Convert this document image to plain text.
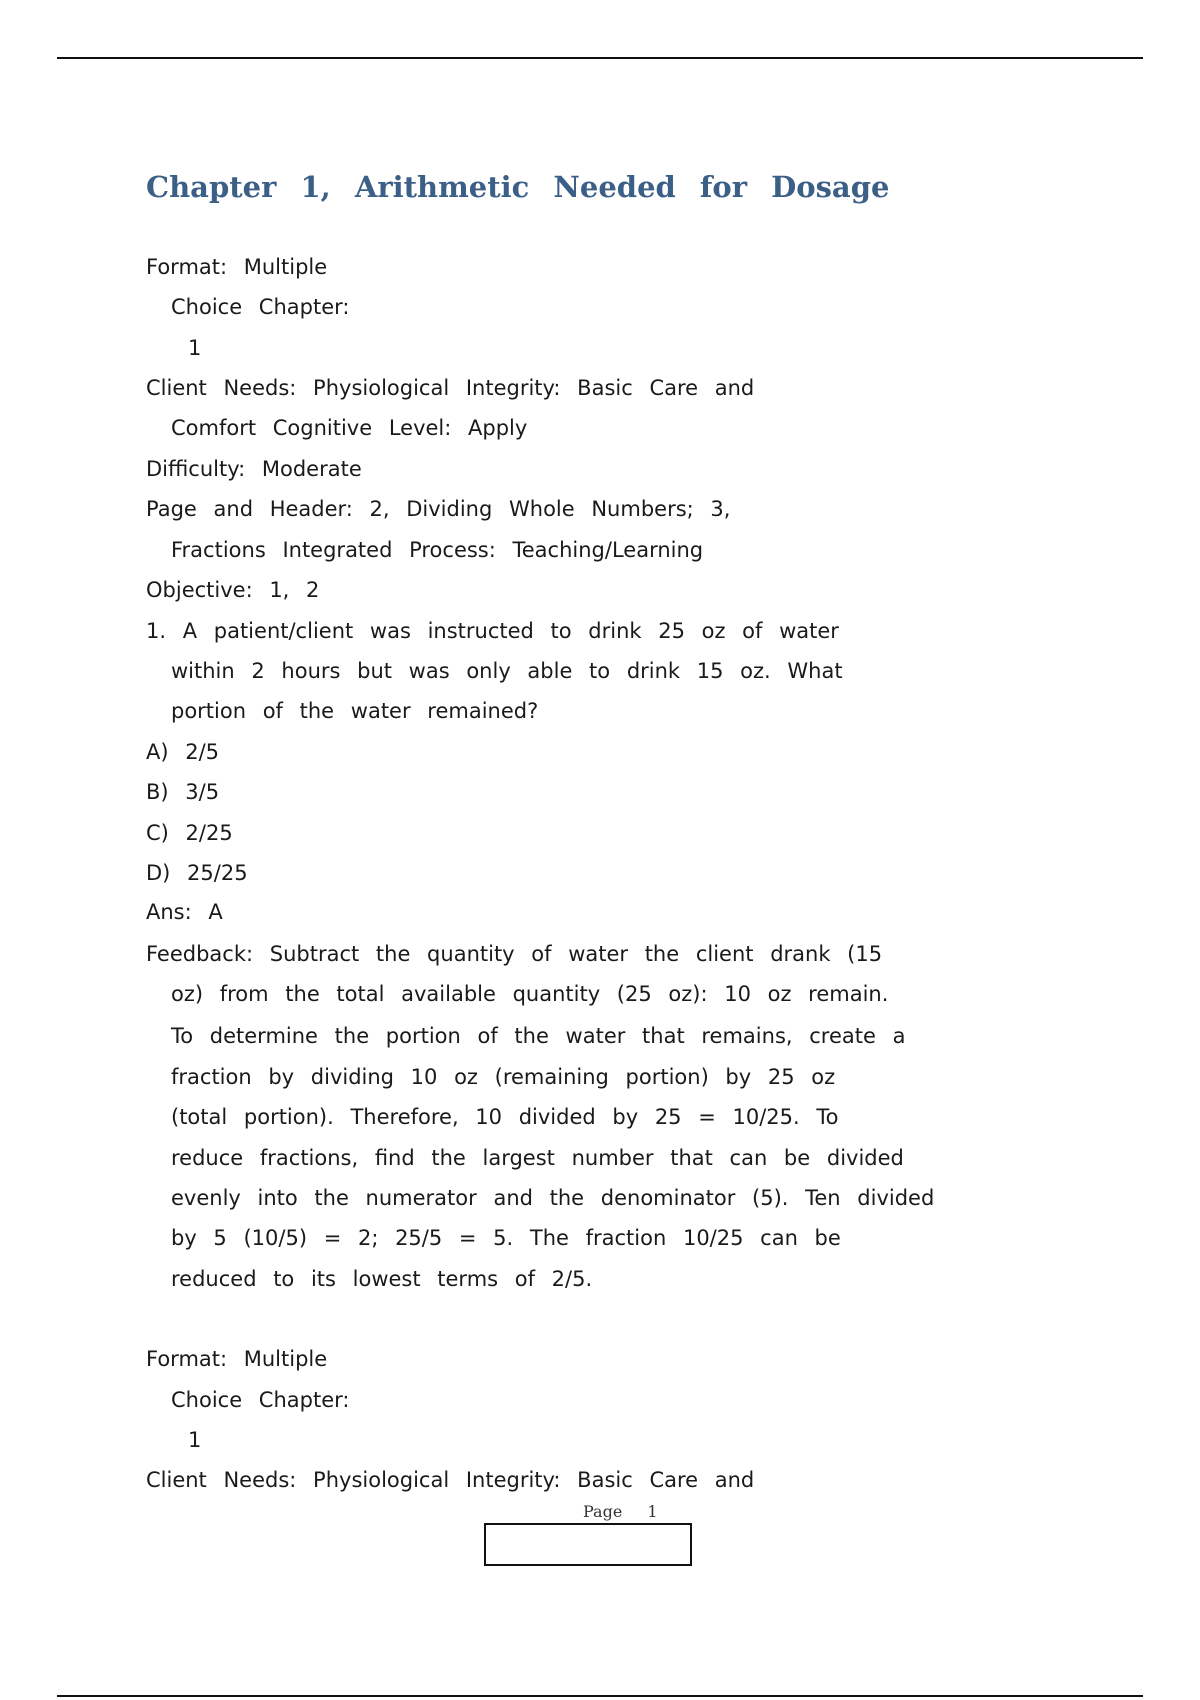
Chapter 1, Arithmetic Needed for Dosage
Format: Multiple
Choice Chapter:
1
Client Needs: Physiological Integrity: Basic Care and
Comfort Cognitive Level: Apply
Difficulty: Moderate
Page and Header: 2, Dividing Whole Numbers; 3,
Fractions Integrated Process: Teaching/Learning
Objective: 1, 2
1. A patient/client was instructed to drink 25 oz of water
within 2 hours but was only able to drink 15 oz. What
portion of the water remained?
A) 2/5
B) 3/5
C) 2/25
D) 25/25
Ans: A
Feedback: Subtract the quantity of water the client drank (15
oz) from the total available quantity (25 oz): 10 oz remain.
To determine the portion of the water that remains, create a
fraction by dividing 10 oz (remaining portion) by 25 oz
(total portion). Therefore, 10 divided by 25 = 10/25. To
reduce fractions, find the largest number that can be divided
evenly into the numerator and the denominator (5). Ten divided
by 5 (10/5) = 2; 25/5 = 5. The fraction 10/25 can be
reduced to its lowest terms of 2/5.
Format: Multiple
Choice Chapter:
1
Client Needs: Physiological Integrity: Basic Care and
Page 1
